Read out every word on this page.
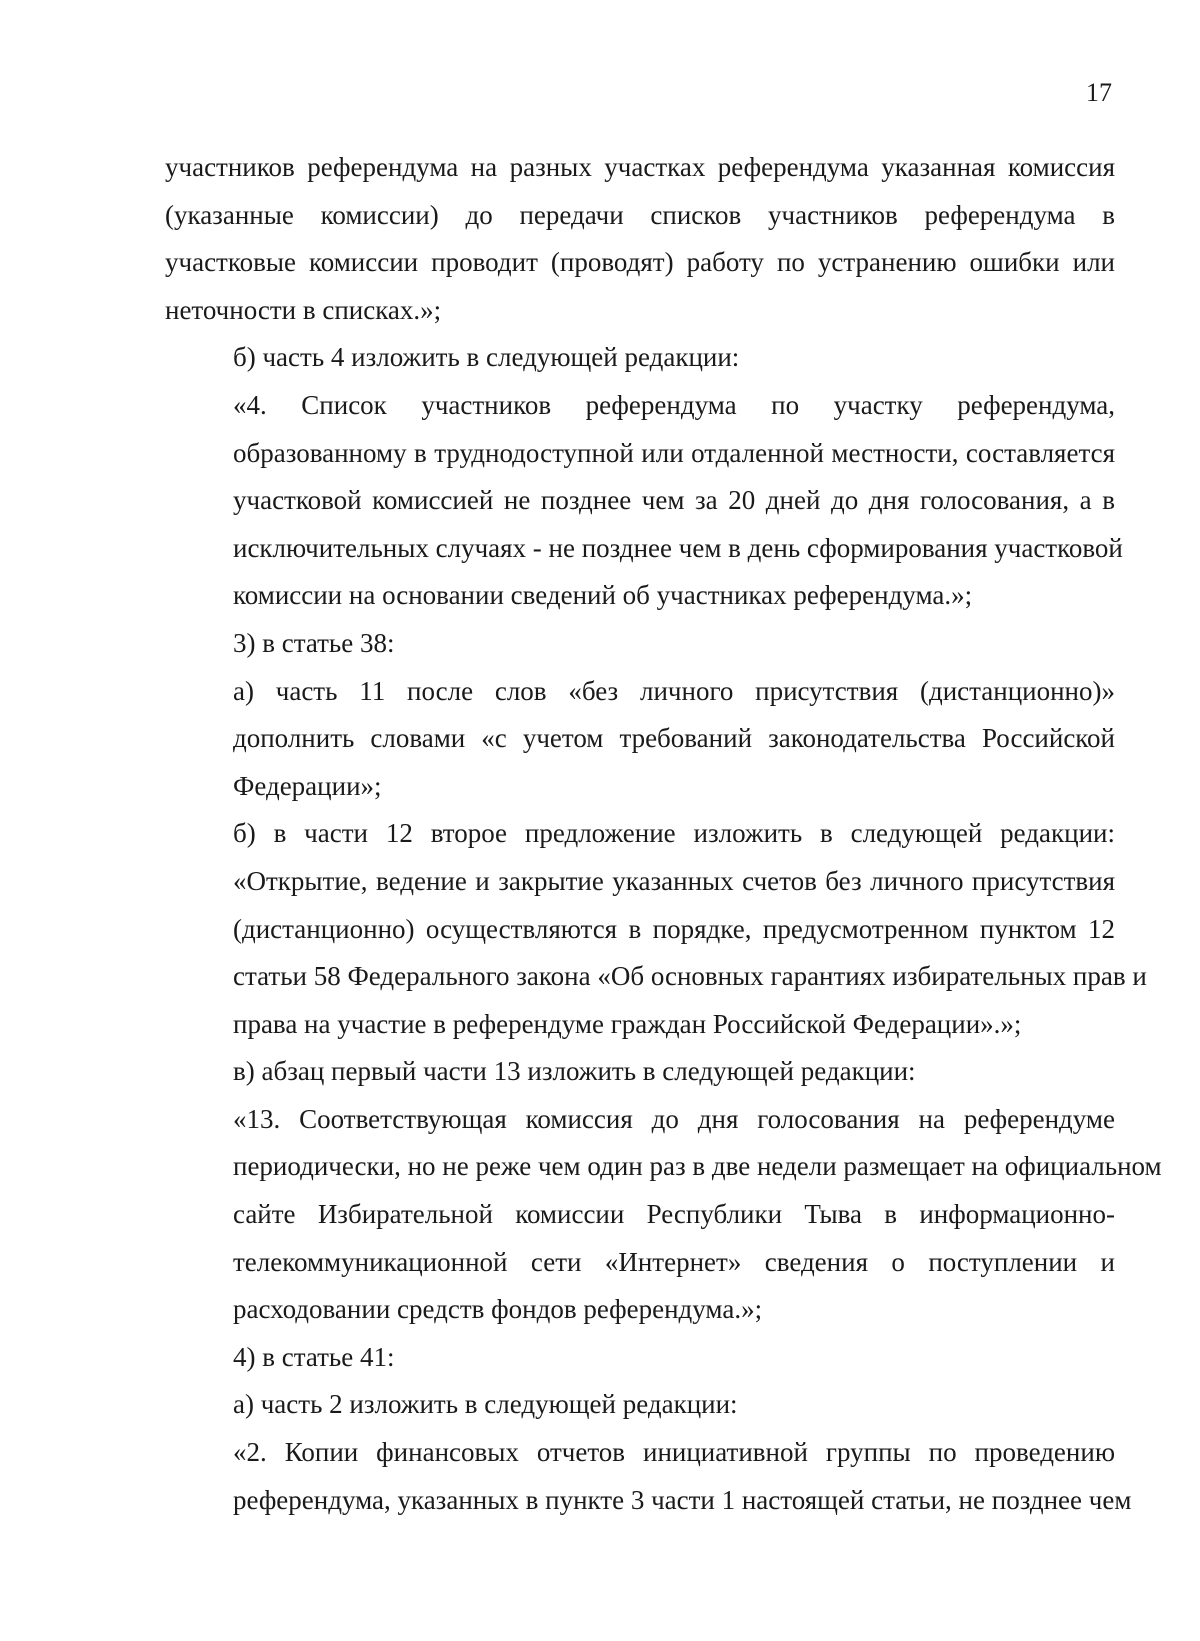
17

участников референдума на разных участках референдума указанная комиссия
(указанные комиссии) до передачи списков участников референдума в
участковые комиссии проводит (проводят) работу по устранению ошибки или
неточности в списках.»;

б) часть 4 изложить в следующей редакции:

«4. Список участников референдума по участку референдума,
образованному в труднодоступной или отдаленной местности, составляется
участковой комиссией не позднее чем за 20 дней до дня голосования, а в
исключительных случаях - не позднее чем в день сформирования участковой
комиссии на основании сведений об участниках референдума.»;

3) в статье 38:

а) часть 11 после слов «без личного присутствия (дистанционно)»
дополнить словами «с учетом требований законодательства Российской
Федерации»;

б) в части 12 второе предложение изложить в следующей редакции:
«Открытие, ведение и закрытие указанных счетов без личного присутствия
(дистанционно) осуществляются в порядке, предусмотренном пунктом 12
статьи 58 Федерального закона «Об основных гарантиях избирательных прав и
права на участие в референдуме граждан Российской Федерации».»;

в) абзац первый части 13 изложить в следующей редакции:

«13. Соответствующая комиссия до дня голосования на референдуме
периодически, но не реже чем один раз в две недели размещает на официальном
сайте Избирательной комиссии Республики Тыва в информационно-
телекоммуникационной сети «Интернет» сведения о поступлении и
расходовании средств фондов референдума.»;

4) в статье 41:

а) часть 2 изложить в следующей редакции:

«2. Копии финансовых отчетов инициативной группы по проведению
референдума, указанных в пункте 3 части 1 настоящей статьи, не позднее чем
